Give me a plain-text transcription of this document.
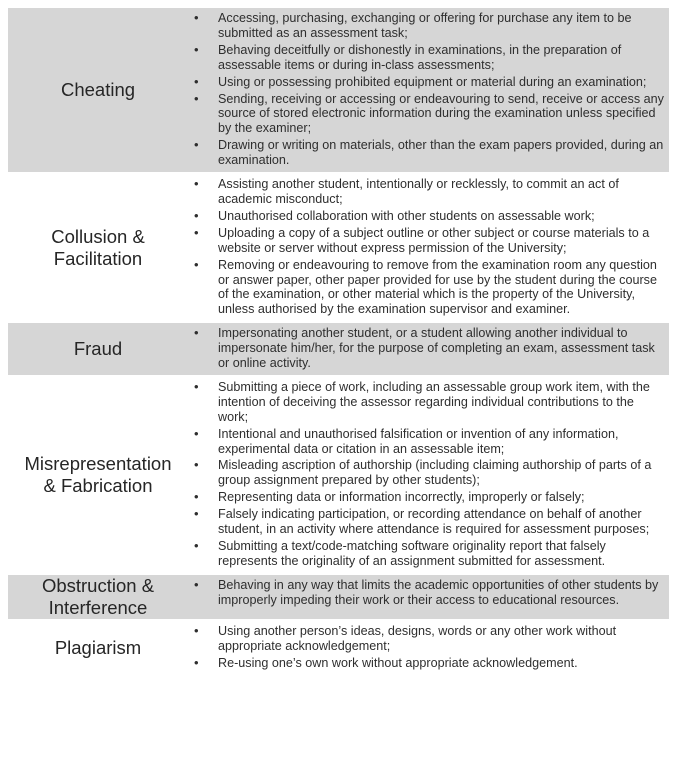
Cheating
• Accessing, purchasing, exchanging or offering for purchase any item to be submitted as an assessment task;
• Behaving deceitfully or dishonestly in examinations, in the preparation of assessable items or during in-class assessments;
• Using or possessing prohibited equipment or material during an examination;
• Sending, receiving or accessing or endeavouring to send, receive or access any source of stored electronic information during the examination unless specified by the examiner;
• Drawing or writing on materials, other than the exam papers provided, during an examination.
Collusion &
Facilitation
• Assisting another student, intentionally or recklessly, to commit an act of academic misconduct;
• Unauthorised collaboration with other students on assessable work;
• Uploading a copy of a subject outline or other subject or course materials to a website or server without express permission of the University;
• Removing or endeavouring to remove from the examination room any question or answer paper, other paper provided for use by the student during the course of the examination, or other material which is the property of the University, unless authorised by the examination supervisor and examiner.
Fraud
• Impersonating another student, or a student allowing another individual to impersonate him/her, for the purpose of completing an exam, assessment task or online activity.
Misrepresentation
& Fabrication
• Submitting a piece of work, including an assessable group work item, with the intention of deceiving the assessor regarding individual contributions to the work;
• Intentional and unauthorised falsification or invention of any information, experimental data or citation in an assessable item;
• Misleading ascription of authorship (including claiming authorship of parts of a group assignment prepared by other students);
• Representing data or information incorrectly, improperly or falsely;
• Falsely indicating participation, or recording attendance on behalf of another student, in an activity where attendance is required for assessment purposes;
• Submitting a text/code-matching software originality report that falsely represents the originality of an assignment submitted for assessment.
Obstruction &
Interference
• Behaving in any way that limits the academic opportunities of other students by improperly impeding their work or their access to educational resources.
Plagiarism
• Using another person’s ideas, designs, words or any other work without appropriate acknowledgement;
• Re-using one’s own work without appropriate acknowledgement.
